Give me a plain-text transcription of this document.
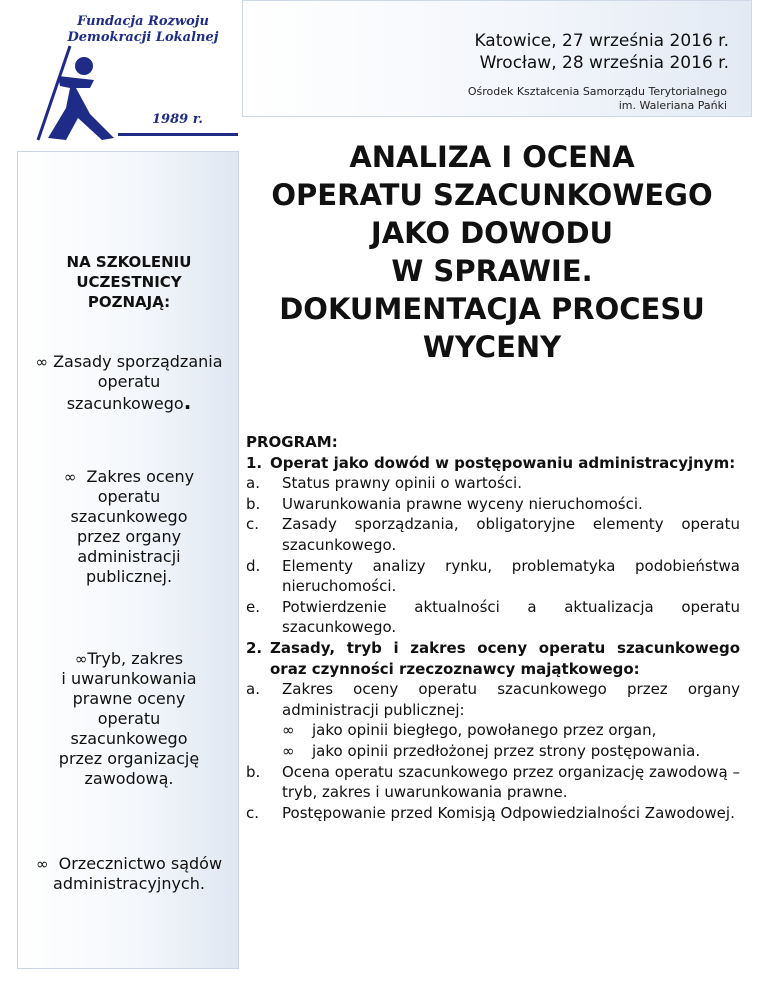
Fundacja Rozwoju
Demokracji Lokalnej
1989 r.
Katowice, 27 września 2016 r.
Wrocław, 28 września 2016 r.
Ośrodek Kształcenia Samorządu Terytorialnego
im. Waleriana Pańki
NA SZKOLENIU
UCZESTNICY
POZNAJĄ:
∞ Zasady sporządzania
operatu
szacunkowego.
∞ Zakres oceny
operatu
szacunkowego
przez organy
administracji
publicznej.
∞Tryb, zakres
i uwarunkowania
prawne oceny
operatu
szacunkowego
przez organizację
zawodową.
∞ Orzecznictwo sądów
administracyjnych.
ANALIZA I OCENA
OPERATU SZACUNKOWEGO
JAKO DOWODU
W SPRAWIE.
DOKUMENTACJA PROCESU
WYCENY
PROGRAM:
1. Operat jako dowód w postępowaniu administracyjnym:
a. Status prawny opinii o wartości.
b. Uwarunkowania prawne wyceny nieruchomości.
c. Zasady sporządzania, obligatoryjne elementy operatu szacunkowego.
d. Elementy analizy rynku, problematyka podobieństwa nieruchomości.
e. Potwierdzenie aktualności a aktualizacja operatu szacunkowego.
2. Zasady, tryb i zakres oceny operatu szacunkowego oraz czynności rzeczoznawcy majątkowego:
a. Zakres oceny operatu szacunkowego przez organy administracji publicznej:
∞ jako opinii biegłego, powołanego przez organ,
∞ jako opinii przedłożonej przez strony postępowania.
b. Ocena operatu szacunkowego przez organizację zawodową – tryb, zakres i uwarunkowania prawne.
c. Postępowanie przed Komisją Odpowiedzialności Zawodowej.
